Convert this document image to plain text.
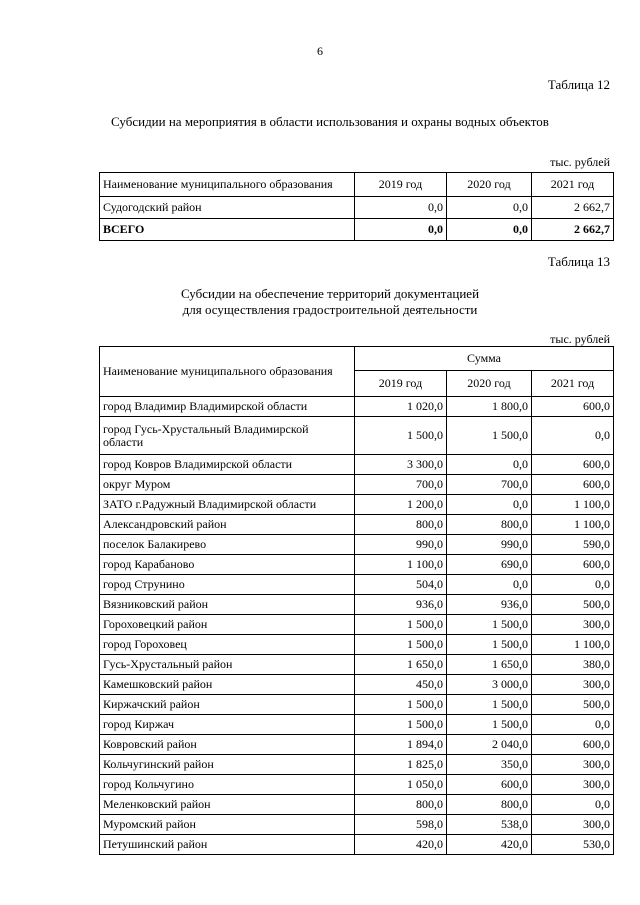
6
Таблица 12
Субсидии на мероприятия в области использования и охраны водных объектов
тыс. рублей
Наименование муниципального образования	2019 год	2020 год	2021 год
Судогодский район	0,0	0,0	2 662,7
ВСЕГО	0,0	0,0	2 662,7
Таблица 13
Субсидии на обеспечение территорий документацией
для осуществления градостроительной деятельности
тыс. рублей
Наименование муниципального образования	Сумма		
	2019 год	2020 год	2021 год
город Владимир Владимирской области	1 020,0	1 800,0	600,0
город Гусь-Хрустальный Владимирской области	1 500,0	1 500,0	0,0
город Ковров Владимирской области	3 300,0	0,0	600,0
округ Муром	700,0	700,0	600,0
ЗАТО г.Радужный Владимирской области	1 200,0	0,0	1 100,0
Александровский район	800,0	800,0	1 100,0
поселок Балакирево	990,0	990,0	590,0
город Карабаново	1 100,0	690,0	600,0
город Струнино	504,0	0,0	0,0
Вязниковский район	936,0	936,0	500,0
Гороховецкий район	1 500,0	1 500,0	300,0
город Гороховец	1 500,0	1 500,0	1 100,0
Гусь-Хрустальный район	1 650,0	1 650,0	380,0
Камешковский район	450,0	3 000,0	300,0
Киржачский район	1 500,0	1 500,0	500,0
город Киржач	1 500,0	1 500,0	0,0
Ковровский район	1 894,0	2 040,0	600,0
Кольчугинский район	1 825,0	350,0	300,0
город Кольчугино	1 050,0	600,0	300,0
Меленковский район	800,0	800,0	0,0
Муромский район	598,0	538,0	300,0
Петушинский район	420,0	420,0	530,0
